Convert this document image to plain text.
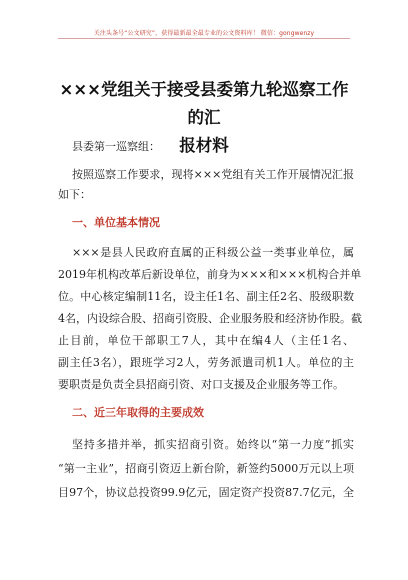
关注头条号“公文研究”，获得最新最全最专业的公文资料库！ 微信：gongwenzy
×××党组关于接受县委第九轮巡察工作的汇
报材料
县委第一巡察组：
按照巡察工作要求，现将×××党组有关工作开展情况汇报
如下：
一、单位基本情况
×××是县人民政府直属的正科级公益一类事业单位，属
2019年机构改革后新设单位，前身为×××和×××机构合并单
位。中心核定编制11名，设主任1名、副主任2名、股级职数
4名，内设综合股、招商引资股、企业服务股和经济协作股。截
止目前，单位干部职工7人，其中在编4人（主任1名、
副主任3名），跟班学习2人，劳务派遣司机1人。单位的主
要职责是负责全县招商引资、对口支援及企业服务等工作。
二、近三年取得的主要成效
坚持多措并举，抓实招商引资。始终以“第一力度”抓实
“第一主业”，招商引资迈上新台阶，新签约5000万元以上项
目97个，协议总投资99.9亿元，固定资产投资87.7亿元，全
